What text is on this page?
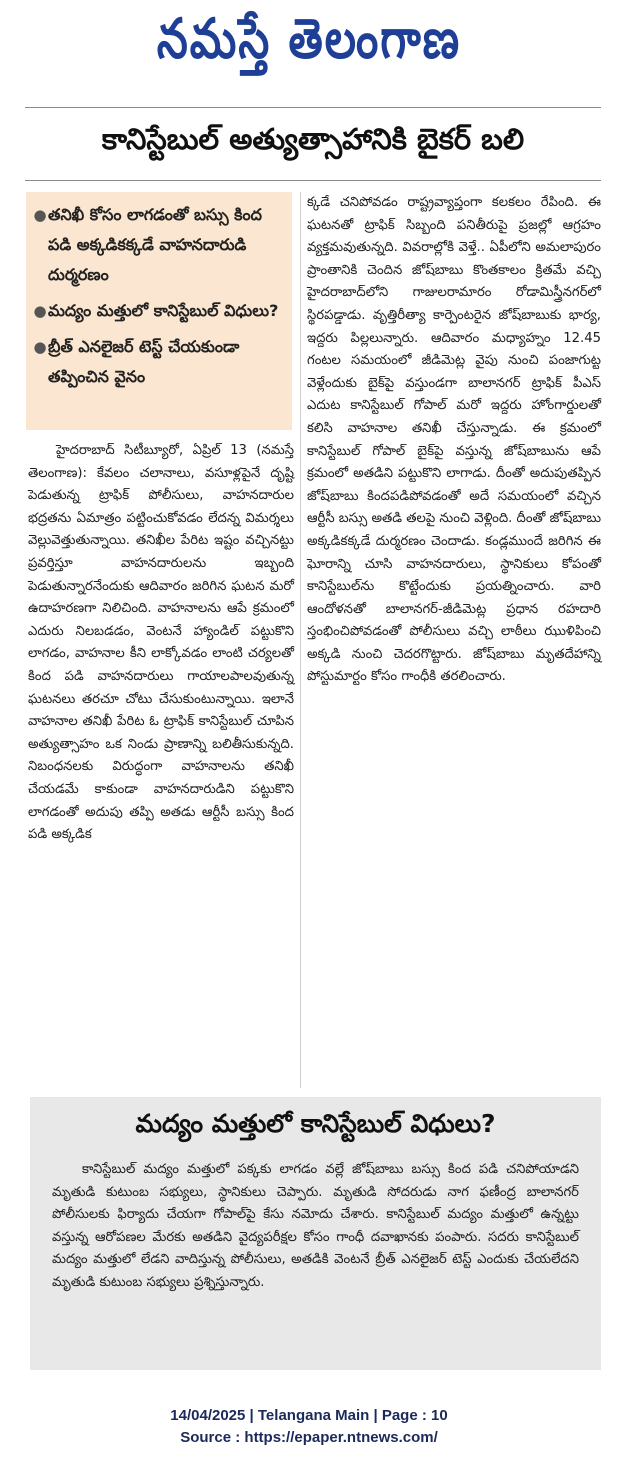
నమస్తే తెలంగాణ
కానిస్టేబుల్ అత్యుత్సాహానికి బైకర్ బలి
● తనిఖీ కోసం లాగడంతో బస్సు కింద పడి అక్కడికక్కడే వాహనదారుడి దుర్మరణం
● మద్యం మత్తులో కానిస్టేబుల్ విధులు?
● బ్రీత్ ఎనలైజర్ టెస్ట్ చేయకుండా తప్పించిన వైనం

హైదరాబాద్ సిటీబ్యూరో, ఏప్రిల్ 13 (నమస్తే తెలంగాణ): కేవలం చలానాలు, వసూళ్లపైనే దృష్టి పెడుతున్న ట్రాఫిక్ పోలీసులు, వాహనదారుల భద్రతను ఏమాత్రం పట్టించుకోవడం లేదన్న విమర్శలు వెల్లువెత్తుతున్నాయి. తనిఖీల పేరిట ఇష్టం వచ్చినట్టు ప్రవర్తిస్తూ వాహనదారులను ఇబ్బంది పెడుతున్నారనేందుకు ఆదివారం జరిగిన ఘటన మరో ఉదాహరణగా నిలిచింది. వాహనాలను ఆపే క్రమంలో ఎదురు నిలబడడం, వెంటనే హ్యాండిల్ పట్టుకొని లాగడం, వాహనాల కీని లాక్కోవడం లాంటి చర్యలతో కింద పడి వాహనదారులు గాయాలపాలవుతున్న ఘటనలు తరచూ చోటు చేసుకుంటున్నాయి. ఇలానే వాహనాల తనిఖీ పేరిట ఓ ట్రాఫిక్ కానిస్టేబుల్ చూపిన అత్యుత్సాహం ఒక నిండు ప్రాణాన్ని బలితీసుకున్నది. నిబంధనలకు విరుద్ధంగా వాహనాలను తనిఖీ చేయడమే కాకుండా వాహనదారుడిని పట్టుకొని లాగడంతో అదుపు తప్పి అతడు ఆర్టీసీ బస్సు కింద పడి అక్కడిక

క్కడే చనిపోవడం రాష్ట్రవ్యాప్తంగా కలకలం రేపింది. ఈ ఘటనతో ట్రాఫిక్ సిబ్బంది పనితీరుపై ప్రజల్లో ఆగ్రహం వ్యక్తమవుతున్నది. వివరాల్లోకి వెళ్తే.. ఏపీలోని అమలాపురం ప్రాంతానికి చెందిన జోష్‌బాబు కొంతకాలం క్రితమే వచ్చి హైదరాబాద్‌లోని గాజులరామారం రోడామిస్త్రీనగర్‌లో స్థిరపడ్డాడు. వృత్తిరీత్యా కార్పెంటరైన జోష్‌బాబుకు భార్య, ఇద్దరు పిల్లలున్నారు. ఆదివారం మధ్యాహ్నం 12.45 గంటల సమయంలో జీడిమెట్ల వైపు నుంచి పంజాగుట్ట వెళ్లేందుకు బైక్‌పై వస్తుండగా బాలానగర్ ట్రాఫిక్ పీఎస్ ఎదుట కానిస్టేబుల్ గోపాల్ మరో ఇద్దరు హోంగార్డులతో కలిసి వాహనాల తనిఖీ చేస్తున్నాడు. ఈ క్రమంలో కానిస్టేబుల్ గోపాల్ బైక్‌పై వస్తున్న జోష్‌బాబును ఆపే క్రమంలో అతడిని పట్టుకొని లాగాడు. దీంతో అదుపుతప్పిన జోష్‌బాబు కిందపడిపోవడంతో అదే సమయంలో వచ్చిన ఆర్టీసీ బస్సు అతడి తలపై నుంచి వెళ్లింది. దీంతో జోష్‌బాబు అక్కడికక్కడే దుర్మరణం చెందాడు. కండ్లముందే జరిగిన ఈ ఘోరాన్ని చూసి వాహనదారులు, స్థానికులు కోపంతో కానిస్టేబుల్‌ను కొట్టేందుకు ప్రయత్నించారు. వారి ఆందోళనతో బాలానగర్-జీడిమెట్ల ప్రధాన రహదారి స్తంభించిపోవడంతో పోలీసులు వచ్చి లాఠీలు ఝుళిపించి అక్కడి నుంచి చెదరగొట్టారు. జోష్‌బాబు మృతదేహాన్ని పోస్టుమార్టం కోసం గాంధీకి తరలించారు.

మద్యం మత్తులో కానిస్టేబుల్ విధులు?

కానిస్టేబుల్ మద్యం మత్తులో పక్కకు లాగడం వల్లే జోష్‌బాబు బస్సు కింద పడి చనిపోయాడని మృతుడి కుటుంబ సభ్యులు, స్థానికులు చెప్పారు. మృతుడి సోదరుడు నాగ ఫణీంద్ర బాలానగర్ పోలీసులకు ఫిర్యాదు చేయగా గోపాల్‌పై కేసు నమోదు చేశారు. కానిస్టేబుల్ మద్యం మత్తులో ఉన్నట్టు వస్తున్న ఆరోపణల మేరకు అతడిని వైద్యపరీక్షల కోసం గాంధీ దవాఖానకు పంపారు. సదరు కానిస్టేబుల్ మద్యం మత్తులో లేడని వాదిస్తున్న పోలీసులు, అతడికి వెంటనే బ్రీత్ ఎనలైజర్ టెస్ట్ ఎందుకు చేయలేదని మృతుడి కుటుంబ సభ్యులు ప్రశ్నిస్తున్నారు.

14/04/2025 | Telangana Main | Page : 10
Source : https://epaper.ntnews.com/
